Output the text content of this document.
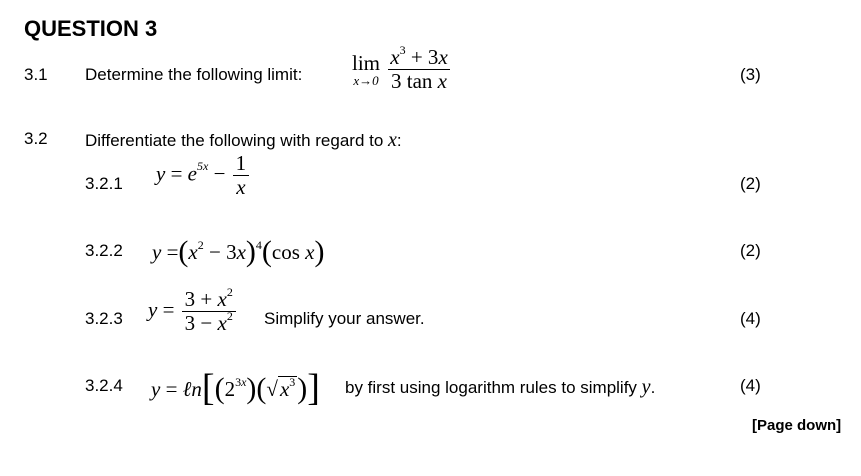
QUESTION 3
3.1 Determine the following limit: lim
x→0
$\frac{x^3 + 3x}{\text{3 tan x}}$	(3)
3.2 Differentiate the following with regard to x:
3.2.1 $y = e^{5x} - \frac{1}{x}$	(2)
3.2.2 $y =(x^2 - 3x)^4(\cos$ x)	(2)
3.2.3 $y = \frac{3 + x^2}{3 - x^2}$ Simplify your answer.	(4)
3.2.4 $y = \ell n[(2^{3x})(√x^3)]$ by first using logarithm rules to simplify y.	(4)
[Page down]
